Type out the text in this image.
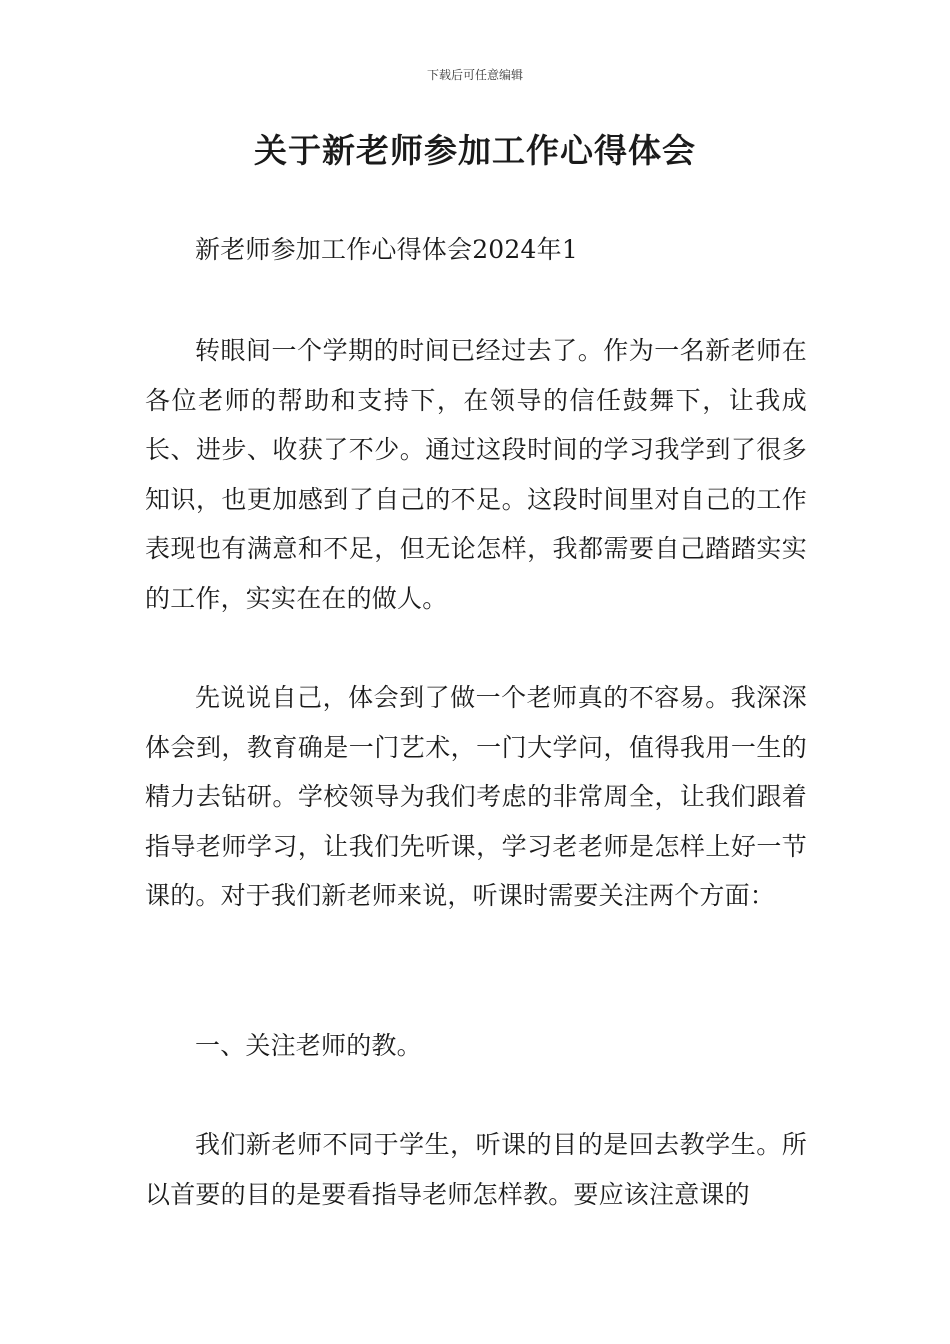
下载后可任意编辑
关于新老师参加工作心得体会

新老师参加工作心得体会2024年1

转眼间一个学期的时间已经过去了。作为一名新老师在各位老师的帮助和支持下，在领导的信任鼓舞下，让我成长、进步、收获了不少。通过这段时间的学习我学到了很多知识，也更加感到了自己的不足。这段时间里对自己的工作表现也有满意和不足，但无论怎样，我都需要自己踏踏实实的工作，实实在在的做人。

先说说自己，体会到了做一个老师真的不容易。我深深体会到，教育确是一门艺术，一门大学问，值得我用一生的精力去钻研。学校领导为我们考虑的非常周全，让我们跟着指导老师学习，让我们先听课，学习老老师是怎样上好一节课的。对于我们新老师来说，听课时需要关注两个方面：

一、关注老师的教。

我们新老师不同于学生，听课的目的是回去教学生。所以首要的目的是要看指导老师怎样教。要应该注意课的
